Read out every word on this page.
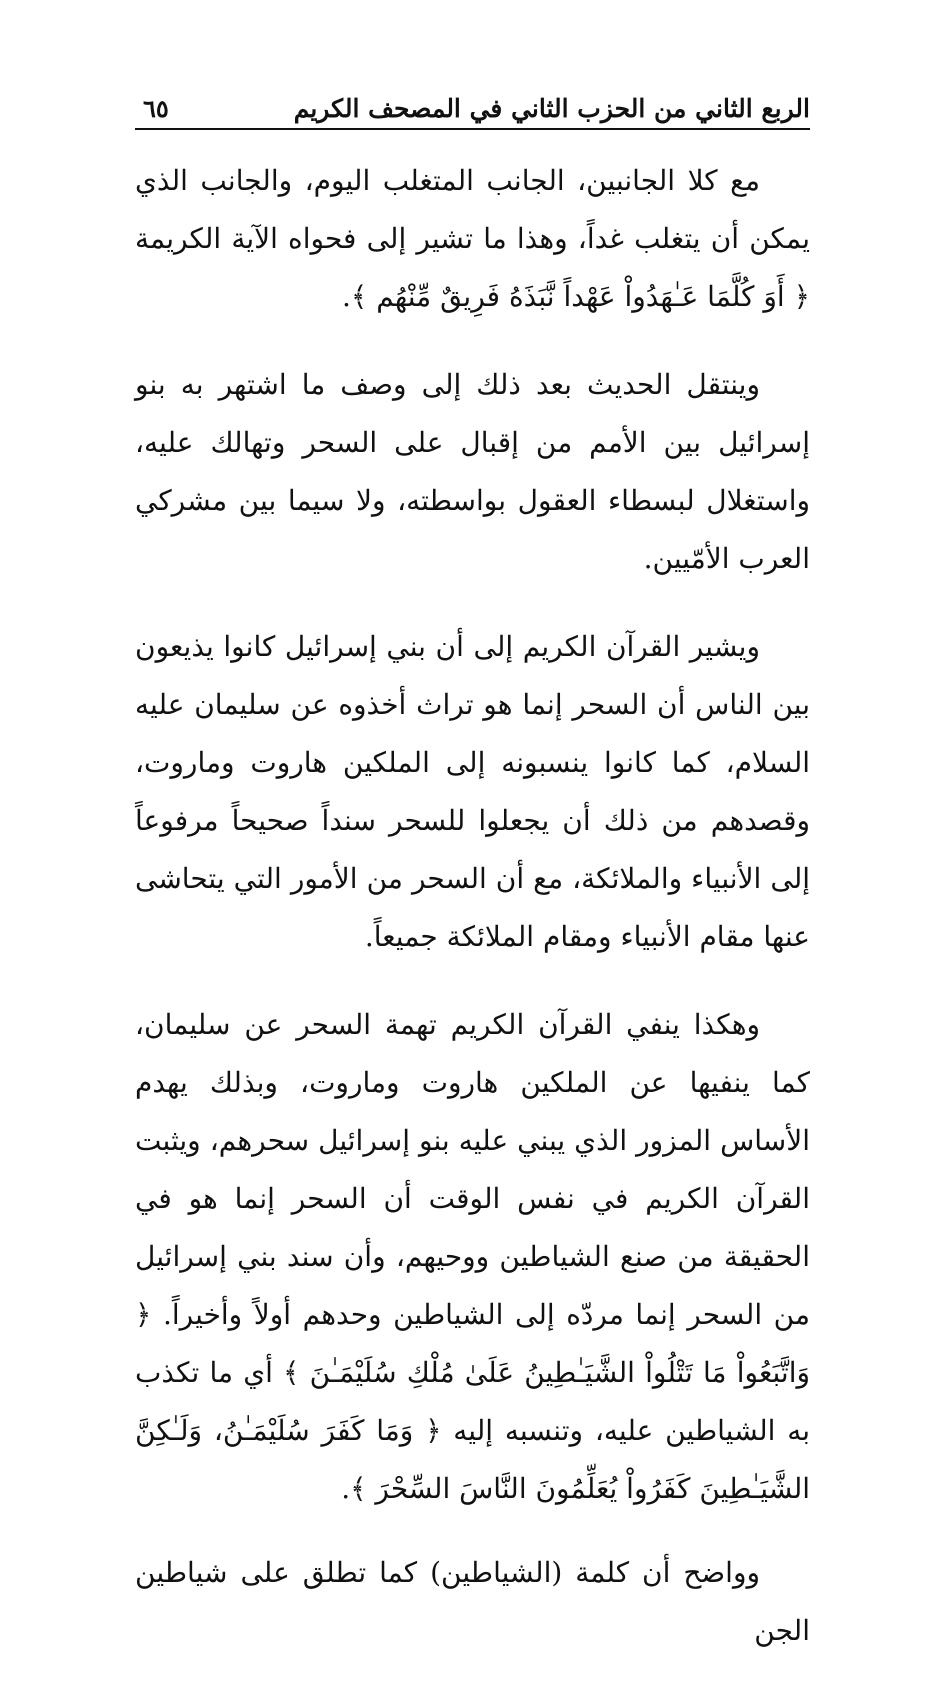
٦٥	الربع الثاني من الحزب الثاني في المصحف الكريم

مع كلا الجانبين، الجانب المتغلب اليوم، والجانب الذي يمكن أن يتغلب غداً، وهذا ما تشير إلى فحواه الآية الكريمة ﴿ أَوَ كُلَّمَا عَـٰهَدُواْ عَهْداً نَّبَذَهُ فَرِيقٌ مِّنْهُم ﴾.

وينتقل الحديث بعد ذلك إلى وصف ما اشتهر به بنو إسرائيل بين الأمم من إقبال على السحر وتهالك عليه، واستغلال لبسطاء العقول بواسطته، ولا سيما بين مشركي العرب الأمّيين.

ويشير القرآن الكريم إلى أن بني إسرائيل كانوا يذيعون بين الناس أن السحر إنما هو تراث أخذوه عن سليمان عليه السلام، كما كانوا ينسبونه إلى الملكين هاروت وماروت، وقصدهم من ذلك أن يجعلوا للسحر سنداً صحيحاً مرفوعاً إلى الأنبياء والملائكة، مع أن السحر من الأمور التي يتحاشى عنها مقام الأنبياء ومقام الملائكة جميعاً.

وهكذا ينفي القرآن الكريم تهمة السحر عن سليمان، كما ينفيها عن الملكين هاروت وماروت، وبذلك يهدم الأساس المزور الذي يبني عليه بنو إسرائيل سحرهم، ويثبت القرآن الكريم في نفس الوقت أن السحر إنما هو في الحقيقة من صنع الشياطين ووحيهم، وأن سند بني إسرائيل من السحر إنما مردّه إلى الشياطين وحدهم أولاً وأخيراً. ﴿ وَاتَّبَعُواْ مَا تَتْلُواْ الشَّيَـٰطِينُ عَلَىٰ مُلْكِ سُلَيْمَـٰنَ ﴾ أي ما تكذب به الشياطين عليه، وتنسبه إليه ﴿ وَمَا كَفَرَ سُلَيْمَـٰنُ، وَلَـٰكِنَّ الشَّيَـٰطِينَ كَفَرُواْ يُعَلِّمُونَ النَّاسَ السِّحْرَ ﴾.

وواضح أن كلمة (الشياطين) كما تطلق على شياطين الجن
